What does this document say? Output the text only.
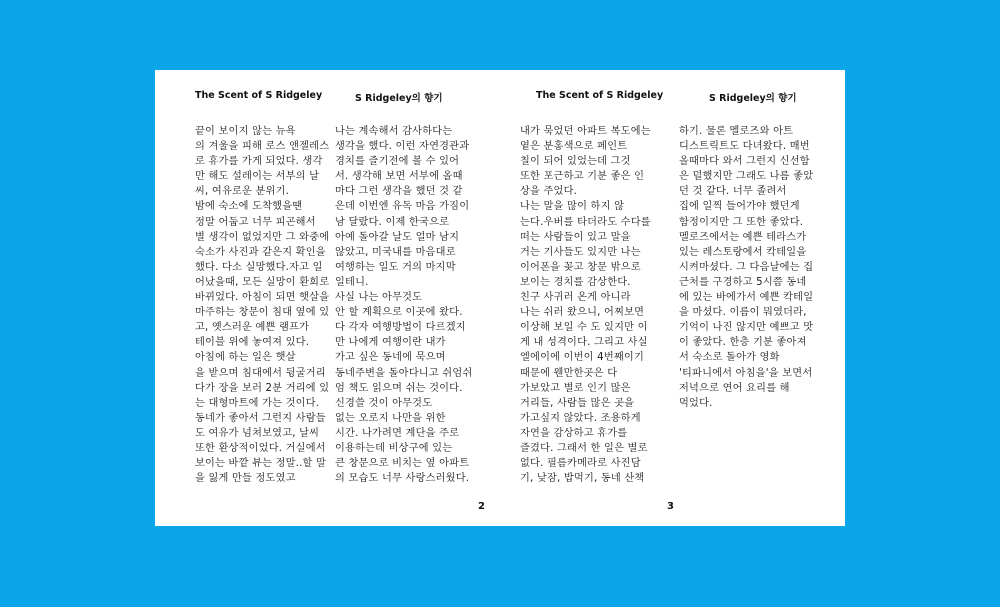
The Scent of S Ridgeley
끝이 보이지 않는 뉴욕
의 겨울을 피해 로스 앤젤레스
로 휴가를 가게 되었다. 생각
만 해도 설레이는 서부의 날
씨, 여유로운 분위기.
밤에 숙소에 도착했을땐
정말 어둡고 너무 피곤해서
별 생각이 없었지만 그 와중에
숙소가 사진과 같은지 확인을
했다. 다소 실망했다.자고 일
어났을때, 모든 실망이 환희로
바뀌었다. 아침이 되면 햇살을
마주하는 창문이 침대 옆에 있
고, 옛스러운 예쁜 램프가
테이블 위에 놓여져 있다.
아침에 하는 일은 햇살
을 받으며 침대에서 뒹굴거리
다가 장을 보러 2분 거리에 있
는 대형마트에 가는 것이다.
동네가 좋아서 그런지 사람들
도 여유가 넘쳐보였고, 날씨
또한 환상적이었다. 거실에서
보이는 바깥 뷰는 정말..할 말
을 잃게 만들 정도였고
S Ridgeley의 향기
나는 계속해서 감사하다는
생각을 했다. 이런 자연경관과
경치를 즐기전에 볼 수 있어
서. 생각해 보면 서부에 올때
마다 그런 생각을 했던 것 같
은데 이번엔 유독 마음 가짐이
남 달랐다. 이제 한국으로
아예 돌아갈 날도 얼마 남지
않았고, 미국내를 마음대로
여행하는 일도 거의 마지막
일테니.
사실 나는 아무것도
안 할 계획으로 이곳에 왔다.
다 각자 여행방법이 다르겠지
만 나에게 여행이란 내가
가고 싶은 동네에 묵으며
동네주변을 돌아다니고 쉬엄쉬
엄 책도 읽으며 쉬는 것이다.
신경쓸 것이 아무것도
없는 오로지 나만을 위한
시간. 나가려면 계단을 주로
이용하는데 비상구에 있는
큰 창문으로 비치는 옆 아파트
의 모습도 너무 사랑스러웠다.
2
The Scent of S Ridgeley
내가 묵었던 아파트 복도에는
옅은 분홍색으로 페인트
칠이 되어 있었는데 그것
또한 포근하고 기분 좋은 인
상을 주었다.
나는 말을 많이 하지 않
는다.우버를 타더라도 수다를
떠는 사람들이 있고 말을
거는 기사들도 있지만 나는
이어폰을 꽂고 창문 밖으로
보이는 경치를 감상한다.
친구 사귀러 온게 아니라
나는 쉬러 왔으니, 어찌보면
이상해 보일 수 도 있지만 이
게 내 성격이다. 그리고 사실
엘에이에 이번이 4번째이기
때문에 웬만한곳은 다
가보았고 별로 인기 많은
거리들, 사람들 많은 곳을
가고싶지 않았다. 조용하게
자연을 감상하고 휴가를
즐겼다. 그래서 한 일은 별로
없다. 필름카메라로 사진담
기, 낮잠, 밥먹기, 동네 산책
3
S Ridgeley의 향기
하기. 물론 멜로즈와 아트
디스트릭트도 다녀왔다. 매번
올때마다 와서 그런지 신선함
은 덜했지만 그래도 나름 좋았
던 것 같다. 너무 졸려서
집에 일찍 들어가야 했던게
함정이지만 그 또한 좋았다.
멜로즈에서는 예쁜 테라스가
있는 레스토랑에서 칵테일을
시켜마셨다. 그 다음날에는 집
근처를 구경하고 5시쯤 동네
에 있는 바에가서 예쁜 칵테일
을 마셨다. 이름이 뭐였더라,
기억이 나진 않지만 예쁘고 맛
이 좋았다. 한층 기분 좋아져
서 숙소로 돌아가 영화
'티파니에서 아침을'을 보면서
저녁으로 연어 요리를 해
먹었다.
